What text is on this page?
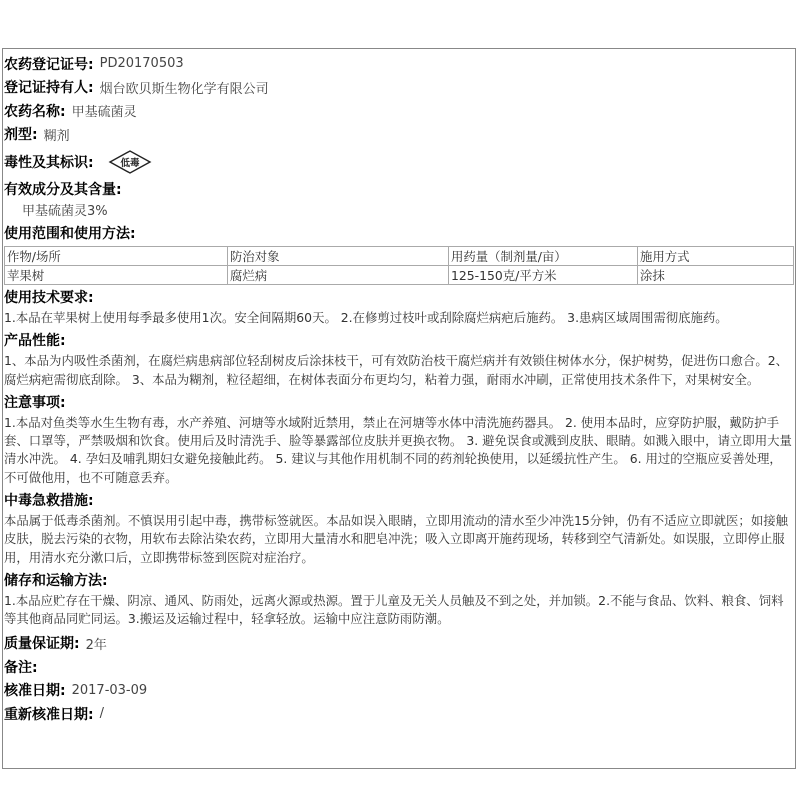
农药登记证号: PD20170503
登记证持有人: 烟台欧贝斯生物化学有限公司
农药名称: 甲基硫菌灵
剂型: 糊剂
毒性及其标识:	低毒
有效成分及其含量:
甲基硫菌灵3%
使用范围和使用方法:
作物/场所	防治对象	用药量（制剂量/亩）	施用方式
苹果树	腐烂病	125-150克/平方米	涂抹
使用技术要求:
1.本品在苹果树上使用每季最多使用1次。安全间隔期60天。 2.在修剪过枝叶或刮除腐烂病疤后施药。 3.患病区域周围需彻底施药。
产品性能:
1、本品为内吸性杀菌剂，在腐烂病患病部位轻刮树皮后涂抹枝干，可有效防治枝干腐烂病并有效锁住树体水分，保护树势，促进伤口愈合。2、腐烂病疤需彻底刮除。 3、本品为糊剂，粒径超细，在树体表面分布更均匀，粘着力强，耐雨水冲刷，正常使用技术条件下，对果树安全。
注意事项:
1.本品对鱼类等水生生物有毒，水产养殖、河塘等水域附近禁用，禁止在河塘等水体中清洗施药器具。 2. 使用本品时，应穿防护服，戴防护手套、口罩等，严禁吸烟和饮食。使用后及时清洗手、脸等暴露部位皮肤并更换衣物。 3. 避免误食或溅到皮肤、眼睛。如溅入眼中，请立即用大量清水冲洗。 4. 孕妇及哺乳期妇女避免接触此药。 5. 建议与其他作用机制不同的药剂轮换使用，以延缓抗性产生。 6. 用过的空瓶应妥善处理，不可做他用，也不可随意丢弃。
中毒急救措施:
本品属于低毒杀菌剂。不慎误用引起中毒，携带标签就医。本品如误入眼睛，立即用流动的清水至少冲洗15分钟，仍有不适应立即就医；如接触皮肤，脱去污染的衣物，用软布去除沾染农药，立即用大量清水和肥皂冲洗；吸入立即离开施药现场，转移到空气清新处。如误服，立即停止服用，用清水充分漱口后，立即携带标签到医院对症治疗。
储存和运输方法:
1.本品应贮存在干燥、阴凉、通风、防雨处，远离火源或热源。置于儿童及无关人员触及不到之处，并加锁。2.不能与食品、饮料、粮食、饲料等其他商品同贮同运。3.搬运及运输过程中，轻拿轻放。运输中应注意防雨防潮。
质量保证期: 2年
备注:
核准日期: 2017-03-09
重新核准日期: /
